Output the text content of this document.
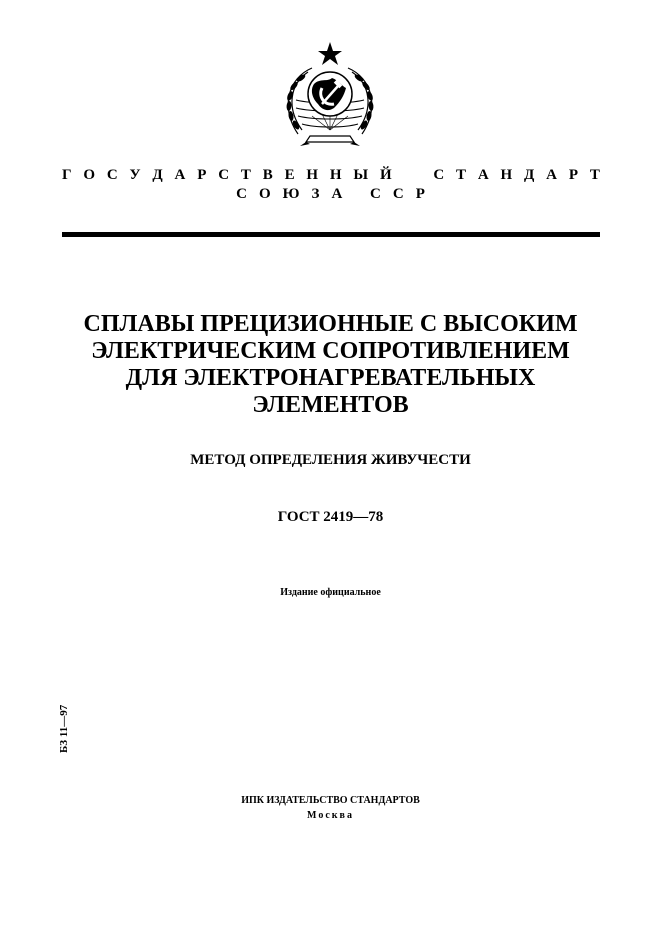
Г О С У Д А Р С Т В Е Н Н Ы Й	С Т А Н Д А Р Т
СОЮЗА ССР
СПЛАВЫ ПРЕЦИЗИОННЫЕ С ВЫСОКИМ
ЭЛЕКТРИЧЕСКИМ СОПРОТИВЛЕНИЕМ
ДЛЯ ЭЛЕКТРОНАГРЕВАТЕЛЬНЫХ
ЭЛЕМЕНТОВ
МЕТОД ОПРЕДЕЛЕНИЯ ЖИВУЧЕСТИ
ГОСТ 2419—78
Издание официальное
БЗ 11—97
ИПК ИЗДАТЕЛЬСТВО СТАНДАРТОВ
Москва
